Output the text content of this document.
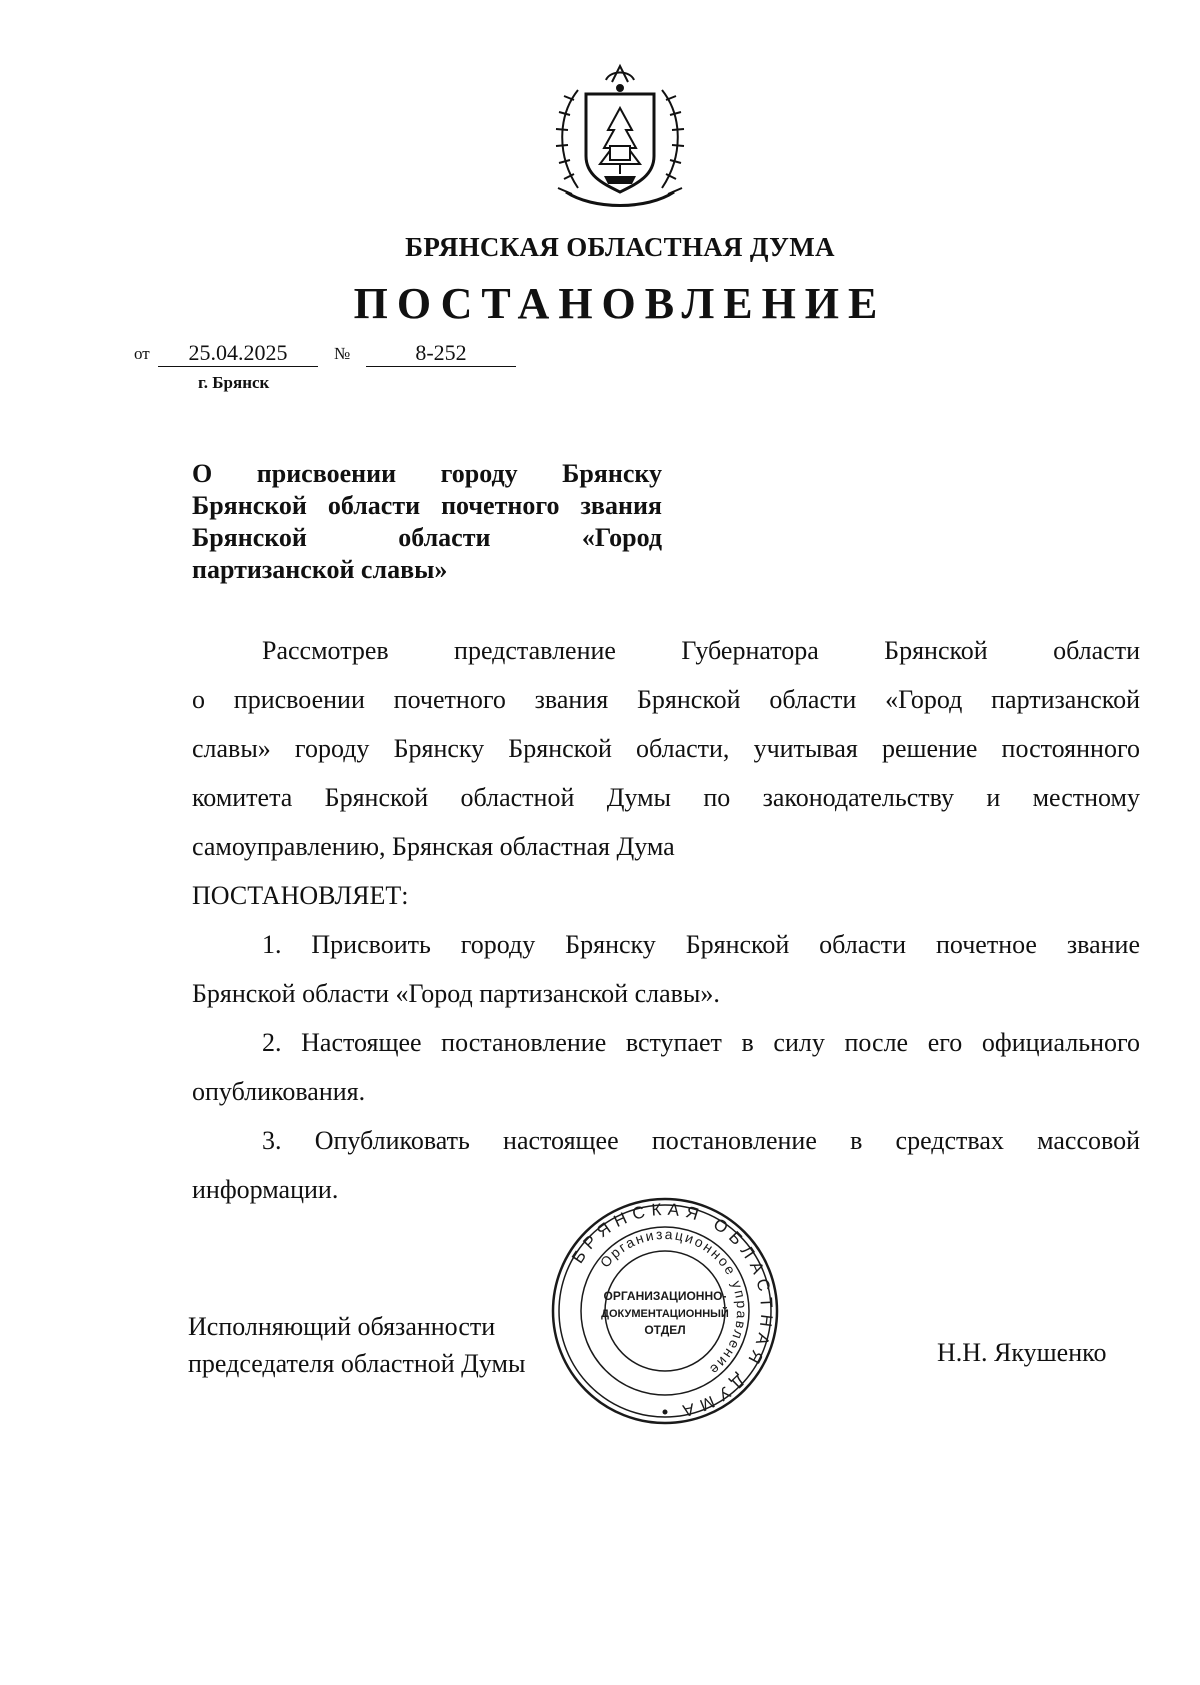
БРЯНСКАЯ ОБЛАСТНАЯ ДУМА
ПОСТАНОВЛЕНИЕ
от	25.04.2025	№	8-252
г. Брянск
О присвоении городу Брянску
Брянской области почетного звания
Брянской области «Город
партизанской славы»

Рассмотрев представление Губернатора Брянской области
о присвоении почетного звания Брянской области «Город партизанской
славы» городу Брянску Брянской области, учитывая решение постоянного
комитета Брянской областной Думы по законодательству и местному
самоуправлению, Брянская областная Дума

ПОСТАНОВЛЯЕТ:

1. Присвоить городу Брянску Брянской области почетное звание
Брянской области «Город партизанской славы».

2. Настоящее постановление вступает в силу после его официального
опубликования.

3. Опубликовать настоящее постановление в средствах массовой
информации.

Исполняющий обязанности
председателя областной Думы	Н.Н. Якушенко
БРЯНСКАЯ ОБЛАСТНАЯ ДУМА
Организационное управление
ОРГАНИЗАЦИОННО-
ДОКУМЕНТАЦИОННЫЙ
ОТДЕЛ
